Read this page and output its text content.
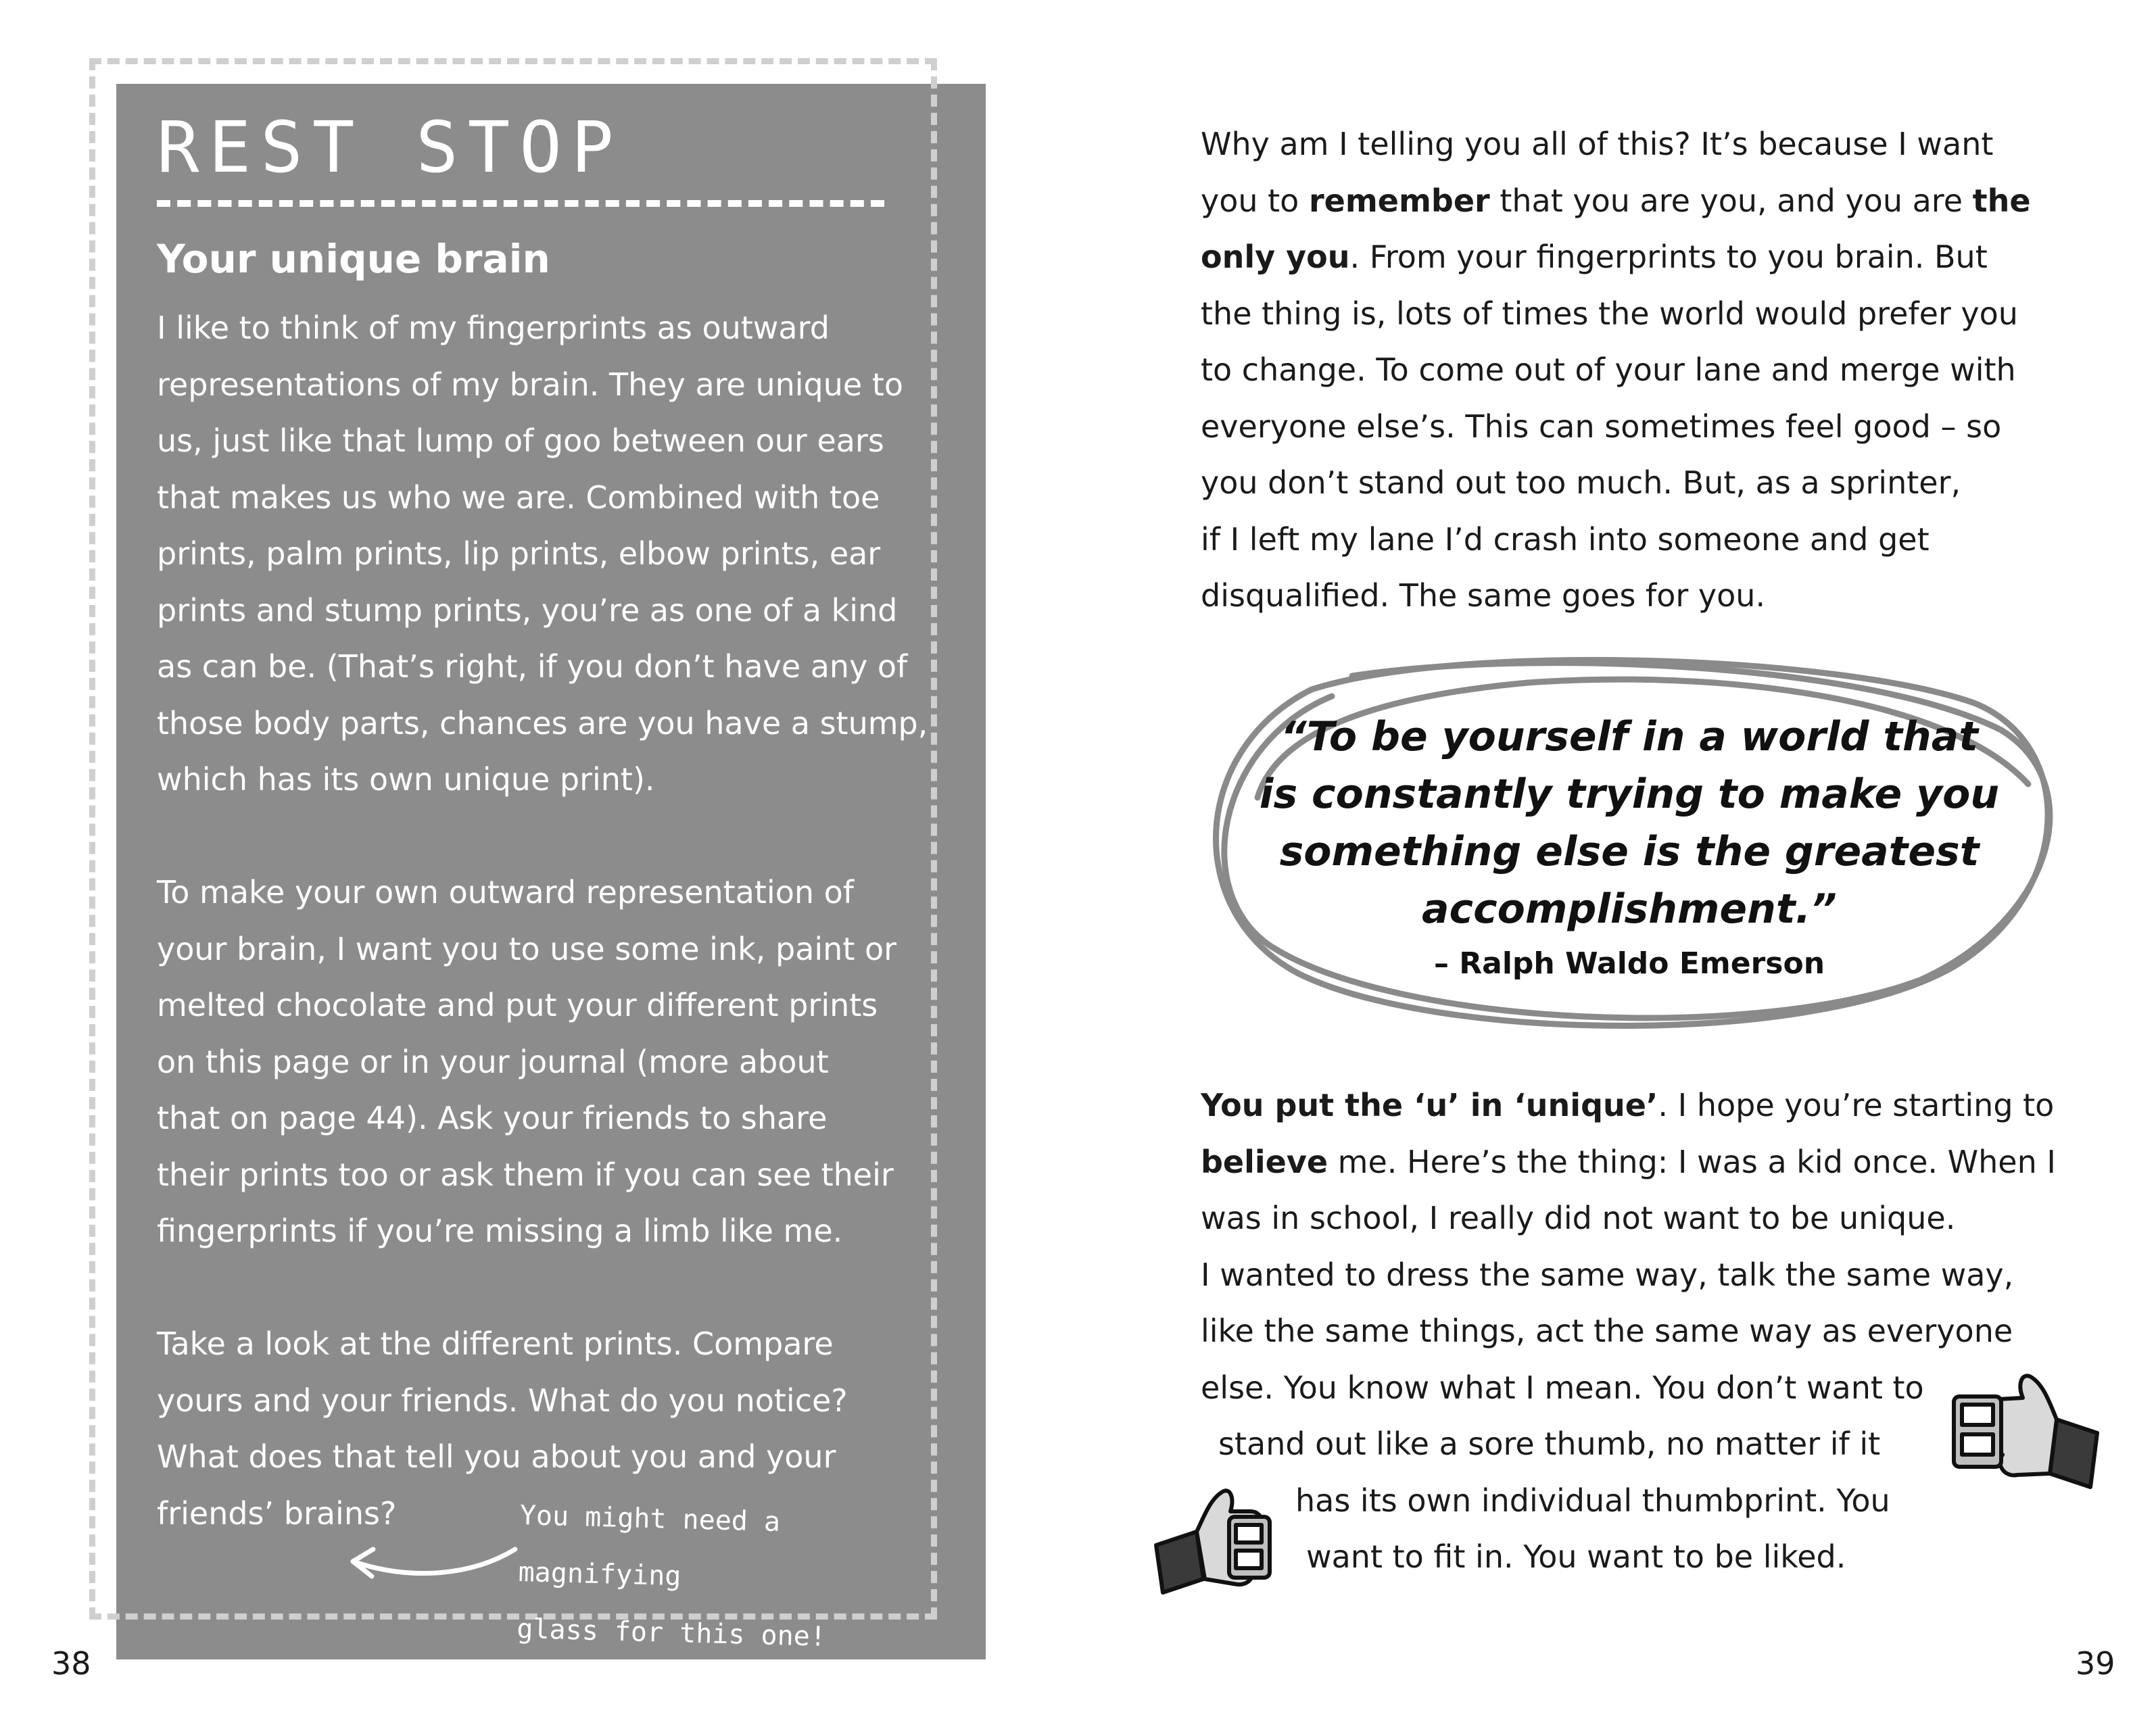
REST STOP
Your unique brain

I like to think of my fingerprints as outward

representations of my brain. They are unique to

us, just like that lump of goo between our ears

that makes us who we are. Combined with toe

prints, palm prints, lip prints, elbow prints, ear

prints and stump prints, you’re as one of a kind

as can be. (That’s right, if you don’t have any of

those body parts, chances are you have a stump,

which has its own unique print).

To make your own outward representation of

your brain, I want you to use some ink, paint or

melted chocolate and put your different prints

on this page or in your journal (more about

that on page 44). Ask your friends to share

their prints too or ask them if you can see their

fingerprints if you’re missing a limb like me.

Take a look at the different prints. Compare

yours and your friends. What do you notice?

What does that tell you about you and your

friends’ brains?	You might need a magnifying
glass for this one!
38

Why am I telling you all of this? It’s because I want

you to remember that you are you, and you are the

only you. From your fingerprints to you brain. But

the thing is, lots of times the world would prefer you

to change. To come out of your lane and merge with

everyone else’s. This can sometimes feel good – so

you don’t stand out too much. But, as a sprinter,

if I left my lane I’d crash into someone and get

disqualified. The same goes for you.

“To be yourself in a world that
is constantly trying to make you
something else is the greatest
accomplishment.”
– Ralph Waldo Emerson
You put the ‘u’ in ‘unique’. I hope you’re starting to
believe me. Here’s the thing: I was a kid once. When I
was in school, I really did not want to be unique.
I wanted to dress the same way, talk the same way,
like the same things, act the same way as everyone
else. You know what I mean. You don’t want to
stand out like a sore thumb, no matter if it
has its own individual thumbprint. You
want to fit in. You want to be liked.
39
